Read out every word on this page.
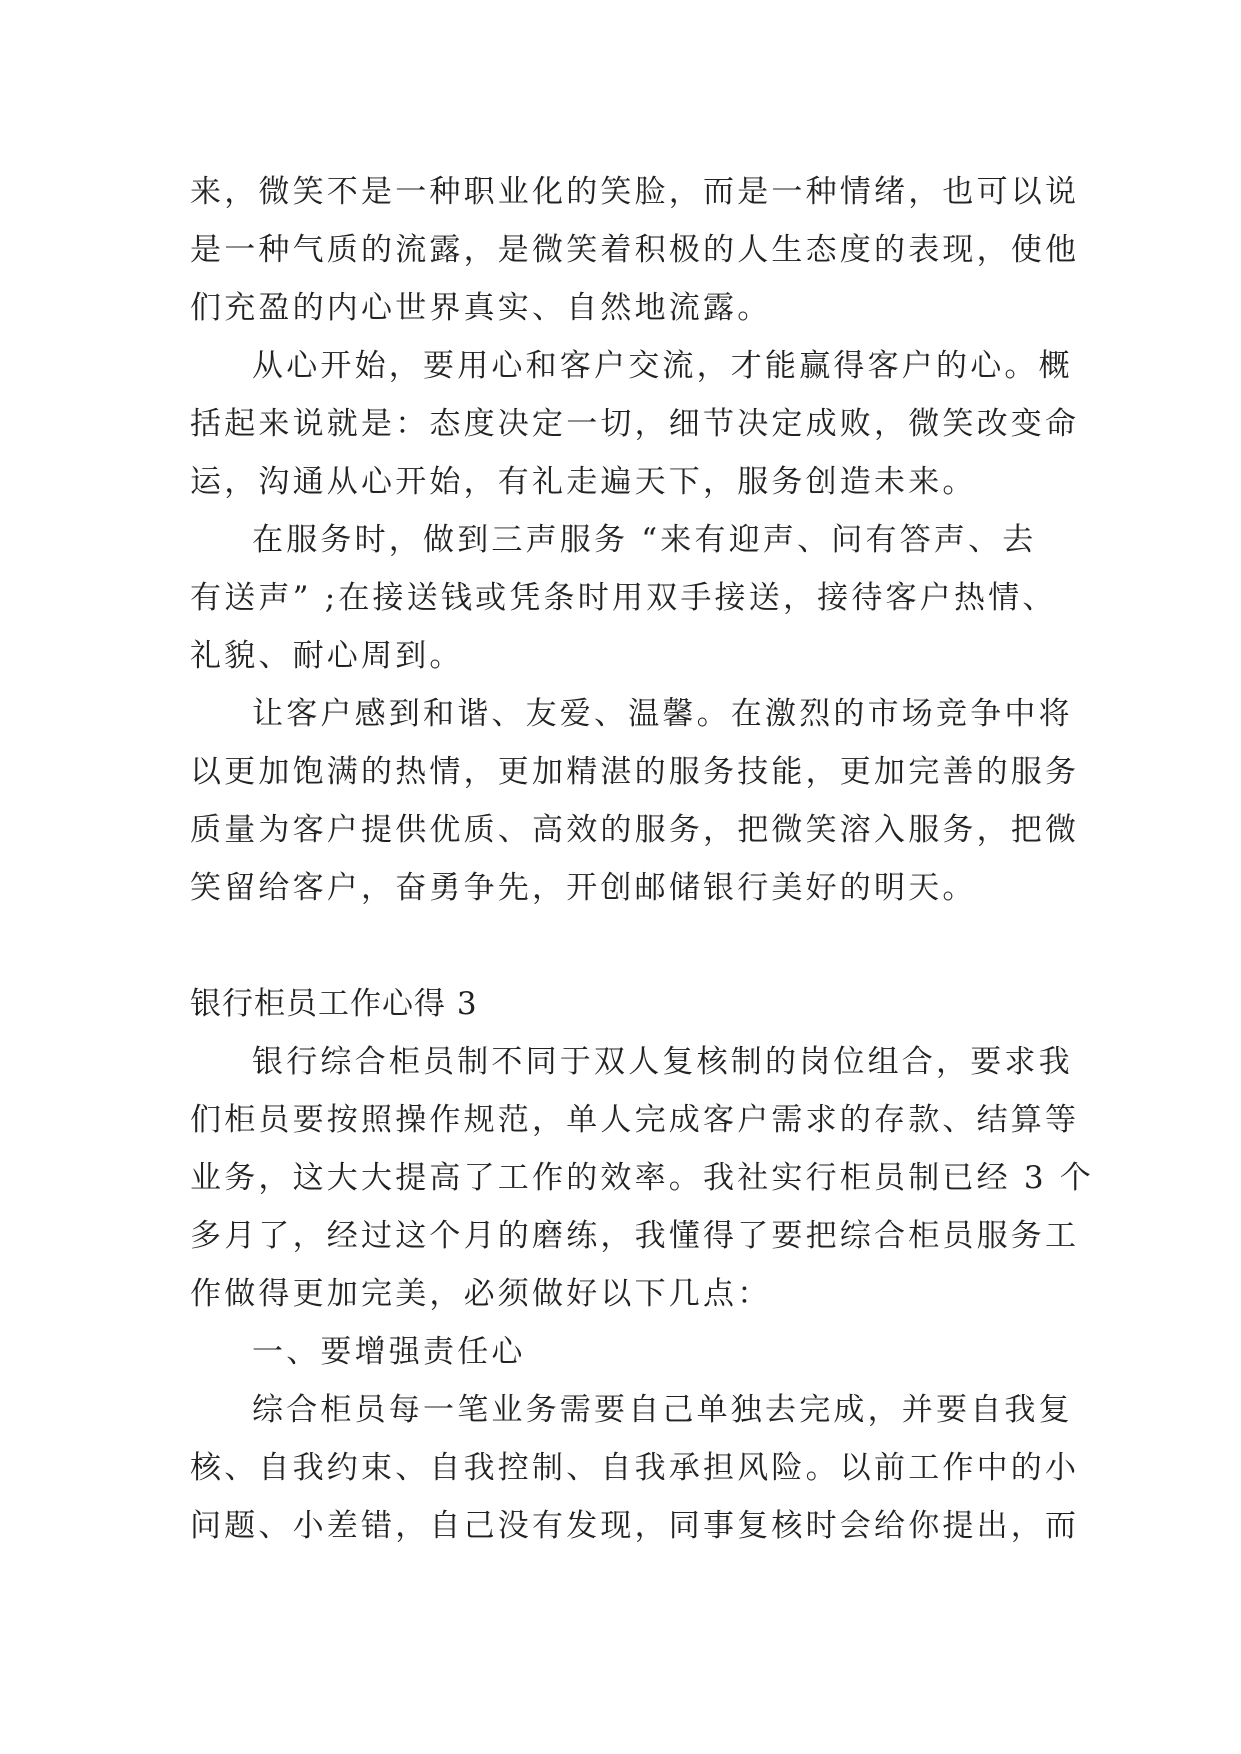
来，微笑不是一种职业化的笑脸，而是一种情绪，也可以说
是一种气质的流露，是微笑着积极的人生态度的表现，使他
们充盈的内心世界真实、自然地流露。
从心开始，要用心和客户交流，才能赢得客户的心。概
括起来说就是：态度决定一切，细节决定成败，微笑改变命
运，沟通从心开始，有礼走遍天下，服务创造未来。
在服务时，做到三声服务 “来有迎声、问有答声、去
有送声” ;在接送钱或凭条时用双手接送，接待客户热情、
礼貌、耐心周到。
让客户感到和谐、友爱、温馨。在激烈的市场竞争中将
以更加饱满的热情，更加精湛的服务技能，更加完善的服务
质量为客户提供优质、高效的服务，把微笑溶入服务，把微
笑留给客户，奋勇争先，开创邮储银行美好的明天。
银行柜员工作心得 3
银行综合柜员制不同于双人复核制的岗位组合，要求我
们柜员要按照操作规范，单人完成客户需求的存款、结算等
业务，这大大提高了工作的效率。我社实行柜员制已经 3 个
多月了，经过这个月的磨练，我懂得了要把综合柜员服务工
作做得更加完美，必须做好以下几点：
一、要增强责任心
综合柜员每一笔业务需要自己单独去完成，并要自我复
核、自我约束、自我控制、自我承担风险。以前工作中的小
问题、小差错，自己没有发现，同事复核时会给你提出，而
